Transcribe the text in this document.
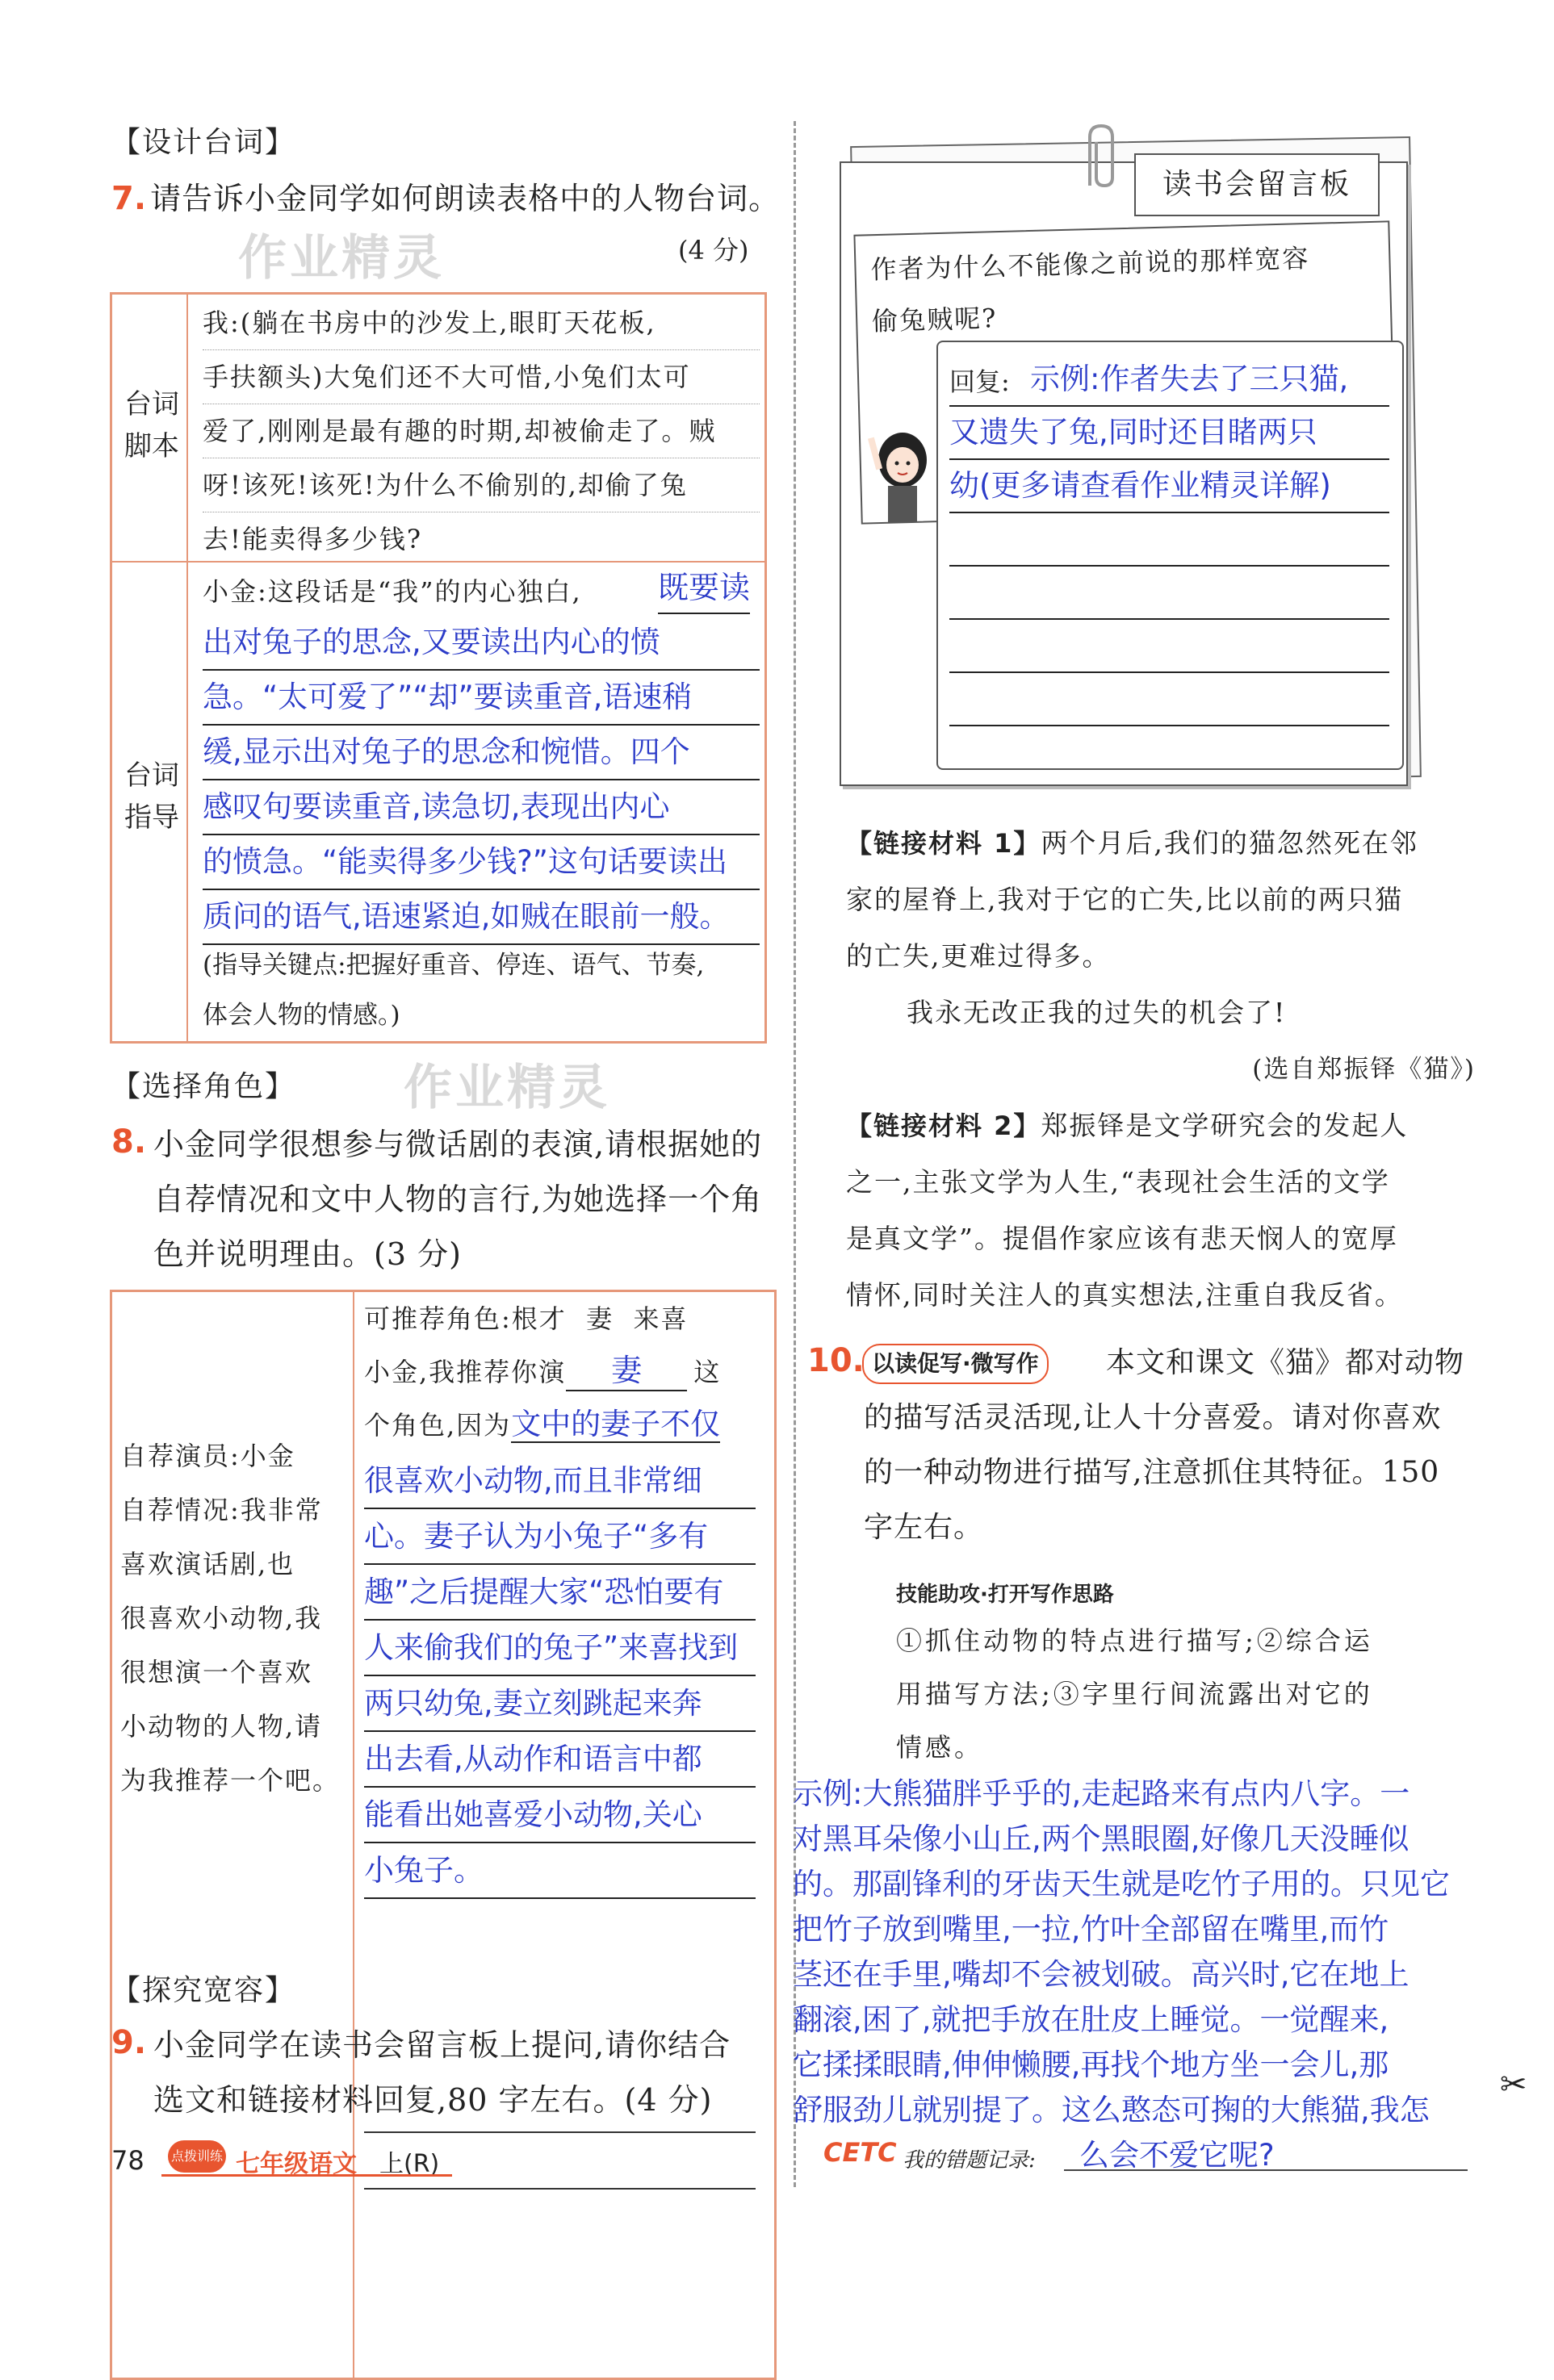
【设计台词】
7. 请告诉小金同学如何朗读表格中的人物台词。
作业精灵	(4 分)
台词
脚本
台词
指导
我:(躺在书房中的沙发上,眼盯天花板,
手扶额头)大兔们还不大可惜,小兔们太可
爱了,刚刚是最有趣的时期,却被偷走了。贼
呀!该死!该死!为什么不偷别的,却偷了兔
去!能卖得多少钱?
小金:这段话是“我”的内心独白, 既要读
出对兔子的思念,又要读出内心的愤
急。“太可爱了”“却”要读重音,语速稍
缓,显示出对兔子的思念和惋惜。四个
感叹句要读重音,读急切,表现出内心
的愤急。“能卖得多少钱?”这句话要读出
质问的语气,语速紧迫,如贼在眼前一般。
(指导关键点:把握好重音、停连、语气、节奏,
体会人物的情感。)
【选择角色】 作业精灵
8. 小金同学很想参与微话剧的表演,请根据她的
自荐情况和文中人物的言行,为她选择一个角
色并说明理由。(3 分)
自荐演员:小金
自荐情况:我非常
喜欢演话剧,也
很喜欢小动物,我
很想演一个喜欢
小动物的人物,请
为我推荐一个吧。
可推荐角色:根才  妻  来喜
小金,我推荐你演 妻 这
个角色,因为文中的妻子不仅
很喜欢小动物,而且非常细
心。妻子认为小兔子“多有
趣”之后提醒大家“恐怕要有
人来偷我们的兔子”来喜找到
两只幼兔,妻立刻跳起来奔
出去看,从动作和语言中都
能看出她喜爱小动物,关心
小兔子。
【探究宽容】
9. 小金同学在读书会留言板上提问,请你结合
选文和链接材料回复,80 字左右。(4 分)
78 点拨训练 七年级语文 上(R)
作者为什么不能像之前说的那样宽容
偷兔贼呢?
回复: 示例:作者失去了三只猫,
又遗失了兔,同时还目睹两只
幼(更多请查看作业精灵详解)
读书会留言板
【链接材料 1】两个月后,我们的猫忽然死在邻
家的屋脊上,我对于它的亡失,比以前的两只猫
的亡失,更难过得多。
我永无改正我的过失的机会了!
(选自郑振铎《猫》)
【链接材料 2】郑振铎是文学研究会的发起人
之一,主张文学为人生,“表现社会生活的文学
是真文学”。提倡作家应该有悲天悯人的宽厚
情怀,同时关注人的真实想法,注重自我反省。
10. 以读促写·微写作	本文和课文《猫》都对动物
的描写活灵活现,让人十分喜爱。请对你喜欢
的一种动物进行描写,注意抓住其特征。150
字左右。
技能助攻·打开写作思路
①抓住动物的特点进行描写;②综合运
用描写方法;③字里行间流露出对它的
情感。
示例:大熊猫胖乎乎的,走起路来有点内八字。一
对黑耳朵像小山丘,两个黑眼圈,好像几天没睡似
的。那副锋利的牙齿天生就是吃竹子用的。只见它
把竹子放到嘴里,一拉,竹叶全部留在嘴里,而竹
茎还在手里,嘴却不会被划破。高兴时,它在地上
翻滚,困了,就把手放在肚皮上睡觉。一觉醒来,
它揉揉眼睛,伸伸懒腰,再找个地方坐一会儿,那
舒服劲儿就别提了。这么憨态可掬的大熊猫,我怎
么会不爱它呢?
✂
CETC 我的错题记录:
